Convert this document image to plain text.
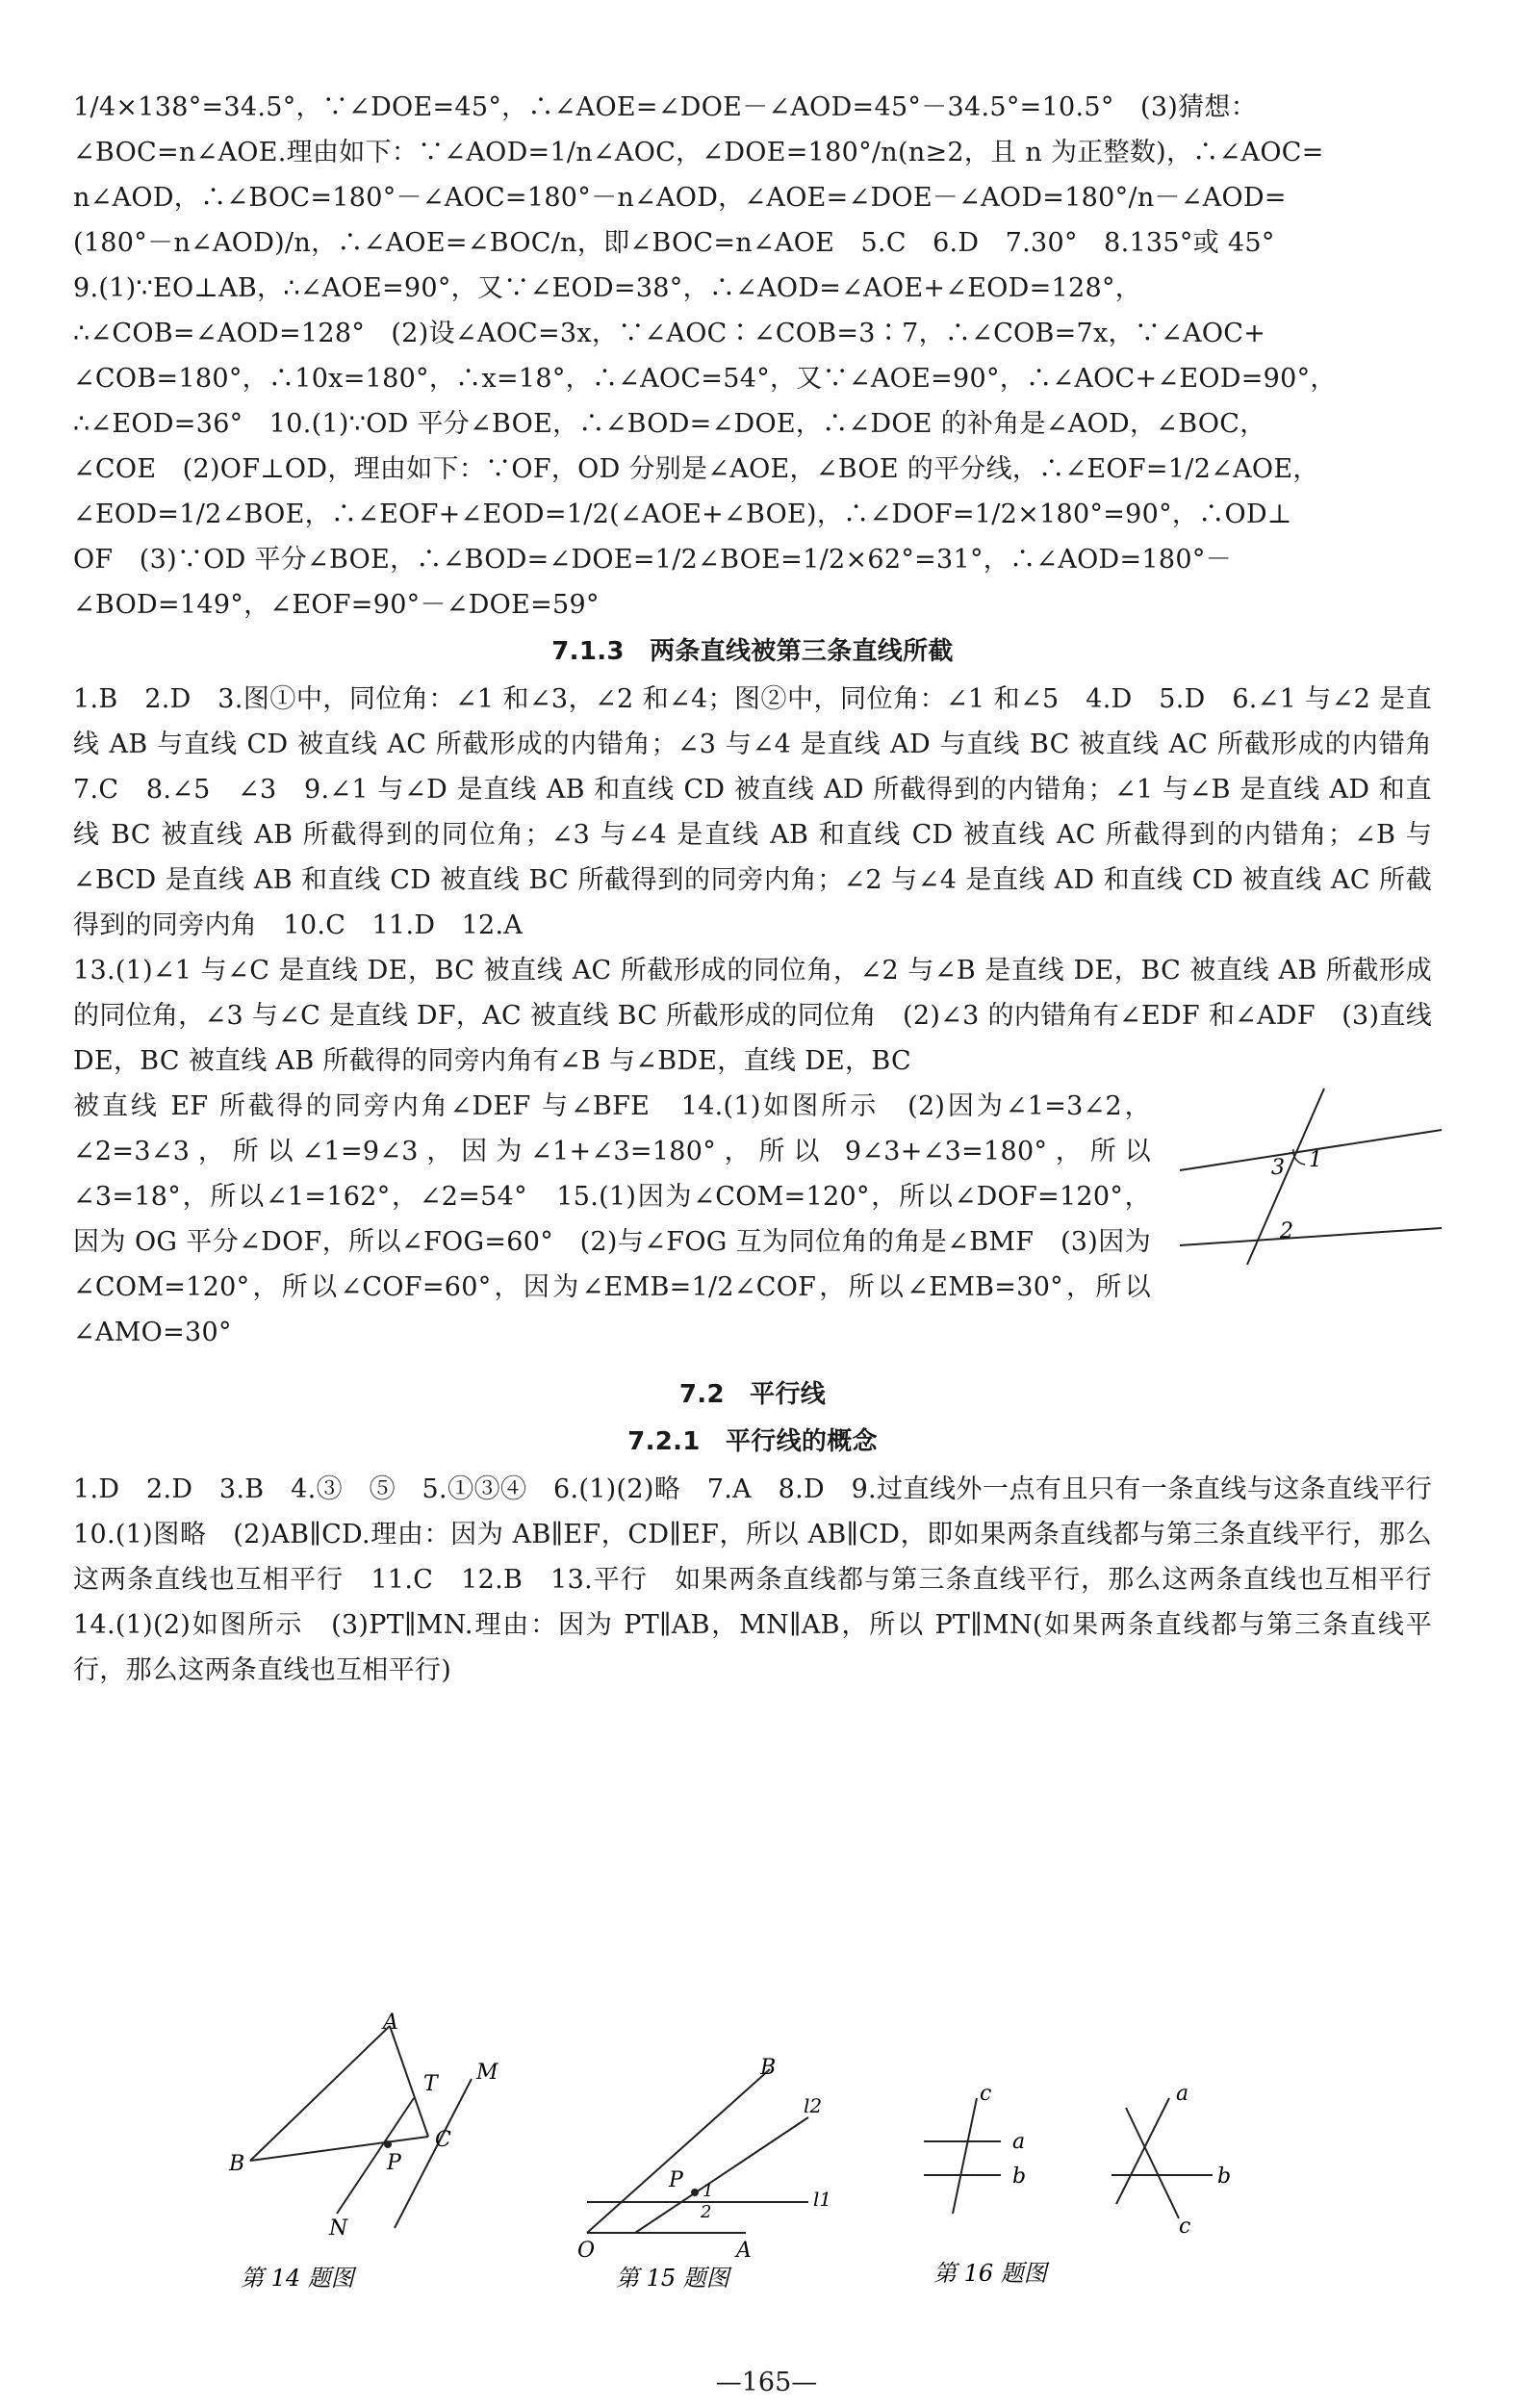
1/4×138°=34.5°，∵∠DOE=45°，∴∠AOE=∠DOE－∠AOD=45°－34.5°=10.5°　(3)猜想：
∠BOC=n∠AOE.理由如下：∵∠AOD=1/n∠AOC，∠DOE=180°/n(n≥2，且 n 为正整数)，∴∠AOC=
n∠AOD，∴∠BOC=180°－∠AOC=180°－n∠AOD，∠AOE=∠DOE－∠AOD=180°/n－∠AOD=
(180°－n∠AOD)/n，∴∠AOE=∠BOC/n，即∠BOC=n∠AOE　5.C　6.D　7.30°　8.135°或 45°
9.(1)∵EO⊥AB，∴∠AOE=90°，又∵∠EOD=38°，∴∠AOD=∠AOE+∠EOD=128°，
∴∠COB=∠AOD=128°　(2)设∠AOC=3x，∵∠AOC∶∠COB=3∶7，∴∠COB=7x，∵∠AOC+
∠COB=180°，∴10x=180°，∴x=18°，∴∠AOC=54°，又∵∠AOE=90°，∴∠AOC+∠EOD=90°，
∴∠EOD=36°　10.(1)∵OD 平分∠BOE，∴∠BOD=∠DOE，∴∠DOE 的补角是∠AOD，∠BOC，
∠COE　(2)OF⊥OD，理由如下：∵OF，OD 分别是∠AOE，∠BOE 的平分线，∴∠EOF=1/2∠AOE，
∠EOD=1/2∠BOE，∴∠EOF+∠EOD=1/2(∠AOE+∠BOE)，∴∠DOF=1/2×180°=90°，∴OD⊥
OF　(3)∵OD 平分∠BOE，∴∠BOD=∠DOE=1/2∠BOE=1/2×62°=31°，∴∠AOD=180°－
∠BOD=149°，∠EOF=90°－∠DOE=59°
7.1.3　两条直线被第三条直线所截
1.B　2.D　3.图①中，同位角：∠1 和∠3，∠2 和∠4；图②中，同位角：∠1 和∠5　4.D　5.D　6.∠1 与∠2 是直线 AB 与直线 CD 被直线 AC 所截形成的内错角；∠3 与∠4 是直线 AD 与直线 BC 被直线 AC 所截形成的内错角　7.C　8.∠5　∠3　9.∠1 与∠D 是直线 AB 和直线 CD 被直线 AD 所截得到的内错角；∠1 与∠B 是直线 AD 和直线 BC 被直线 AB 所截得到的同位角；∠3 与∠4 是直线 AB 和直线 CD 被直线 AC 所截得到的内错角；∠B 与∠BCD 是直线 AB 和直线 CD 被直线 BC 所截得到的同旁内角；∠2 与∠4 是直线 AD 和直线 CD 被直线 AC 所截得到的同旁内角　10.C　11.D　12.A
13.(1)∠1 与∠C 是直线 DE，BC 被直线 AC 所截形成的同位角，∠2 与∠B 是直线 DE，BC 被直线 AB 所截形成的同位角，∠3 与∠C 是直线 DF，AC 被直线 BC 所截形成的同位角　(2)∠3 的内错角有∠EDF 和∠ADF　(3)直线 DE，BC 被直线 AB 所截得的同旁内角有∠B 与∠BDE，直线 DE，BC
被直线 EF 所截得的同旁内角∠DEF 与∠BFE　14.(1)如图所示　(2)因为∠1=3∠2，∠2=3∠3，所以∠1=9∠3，因为∠1+∠3=180°，所以 9∠3+∠3=180°，所以∠3=18°，所以∠1=162°，∠2=54°　15.(1)因为∠COM=120°，所以∠DOF=120°，因为 OG 平分∠DOF，所以∠FOG=60°　(2)与∠FOG 互为同位角的角是∠BMF　(3)因为∠COM=120°，所以∠COF=60°，因为∠EMB=1/2∠COF，所以∠EMB=30°，所以∠AMO=30°
3 1
2
7.2　平行线
7.2.1　平行线的概念
1.D　2.D　3.B　4.③　⑤　5.①③④　6.(1)(2)略　7.A　8.D　9.过直线外一点有且只有一条直线与这条直线平行　10.(1)图略　(2)AB∥CD.理由：因为 AB∥EF，CD∥EF，所以 AB∥CD，即如果两条直线都与第三条直线平行，那么这两条直线也互相平行　11.C　12.B　13.平行　如果两条直线都与第三条直线平行，那么这两条直线也互相平行　14.(1)(2)如图所示　(3)PT∥MN.理由：因为 PT∥AB，MN∥AB，所以 PT∥MN(如果两条直线都与第三条直线平行，那么这两条直线也互相平行)
A
T M
B	P
C
N
第 14 题图
B
l2
P 1
2
l1
O	A
第 15 题图
c
a
b
a
b
c
第 16 题图
—165—
